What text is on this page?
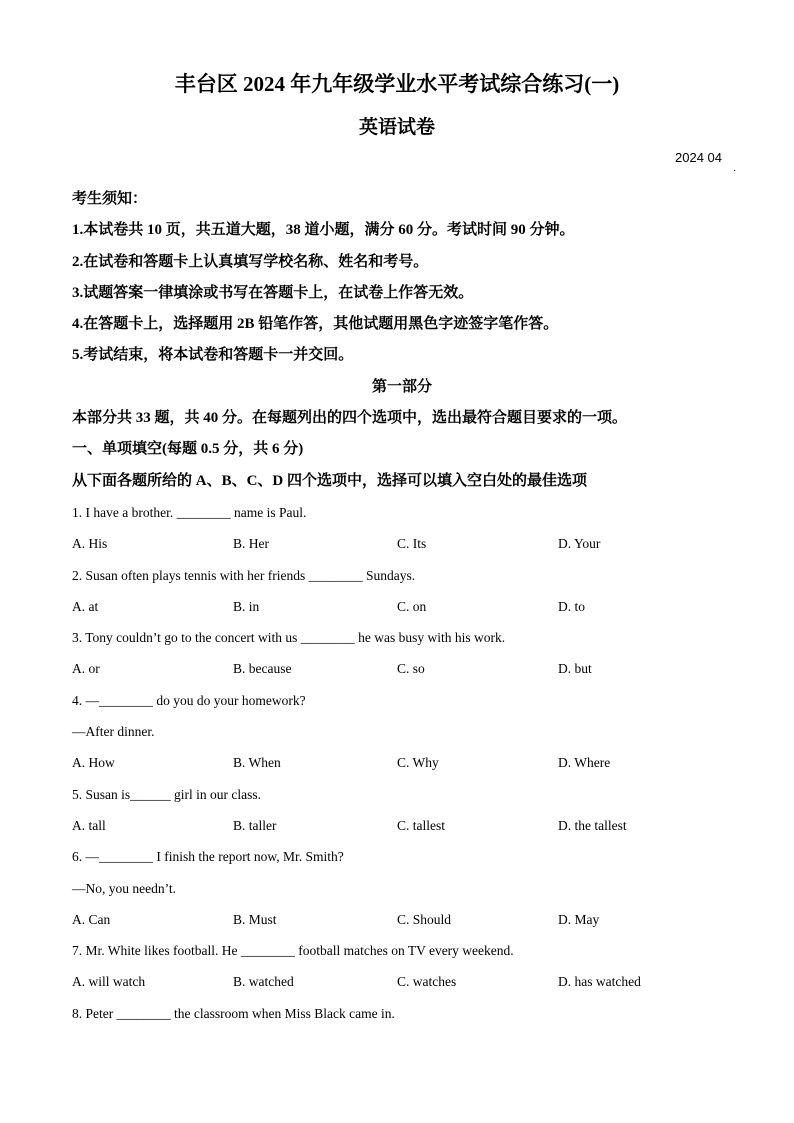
丰台区 2024 年九年级学业水平考试综合练习(一)
英语试卷
2024 04
·
考生须知：
1.本试卷共 10 页，共五道大题，38 道小题，满分 60 分。考试时间 90 分钟。
2.在试卷和答题卡上认真填写学校名称、姓名和考号。
3.试题答案一律填涂或书写在答题卡上，在试卷上作答无效。
4.在答题卡上，选择题用 2B 铅笔作答，其他试题用黑色字迹签字笔作答。
5.考试结束，将本试卷和答题卡一并交回。
第一部分
本部分共 33 题，共 40 分。在每题列出的四个选项中，选出最符合题目要求的一项。
一、单项填空(每题 0.5 分，共 6 分)
从下面各题所给的 A、B、C、D 四个选项中，选择可以填入空白处的最佳选项
1. I have a brother. ________ name is Paul.
A. His	B. Her	C. Its	D. Your
2. Susan often plays tennis with her friends ________ Sundays.
A. at	B. in	C. on	D. to
3. Tony couldn’t go to the concert with us ________ he was busy with his work.
A. or	B. because	C. so	D. but
4. —________ do you do your homework?
—After dinner.
A. How	B. When	C. Why	D. Where
5. Susan is______ girl in our class.
A. tall	B. taller	C. tallest	D. the tallest
6. —________ I finish the report now, Mr. Smith?
—No, you needn’t.
A. Can	B. Must	C. Should	D. May
7. Mr. White likes football. He ________ football matches on TV every weekend.
A. will watch	B. watched	C. watches	D. has watched
8. Peter ________ the classroom when Miss Black came in.
